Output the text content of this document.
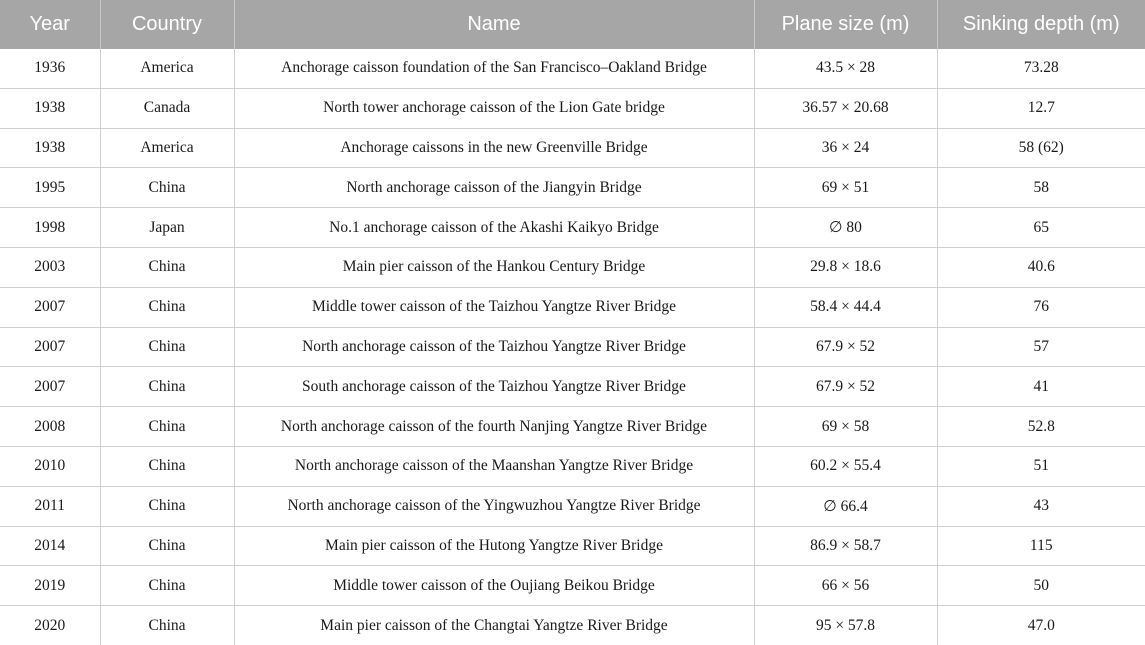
Year	Country	Name	Plane size (m)	Sinking depth (m)
1936	America	Anchorage caisson foundation of the San Francisco–Oakland Bridge	43.5 × 28	73.28
1938	Canada	North tower anchorage caisson of the Lion Gate bridge	36.57 × 20.68	12.7
1938	America	Anchorage caissons in the new Greenville Bridge	36 × 24	58 (62)
1995	China	North anchorage caisson of the Jiangyin Bridge	69 × 51	58
1998	Japan	No.1 anchorage caisson of the Akashi Kaikyo Bridge	∅ 80	65
2003	China	Main pier caisson of the Hankou Century Bridge	29.8 × 18.6	40.6
2007	China	Middle tower caisson of the Taizhou Yangtze River Bridge	58.4 × 44.4	76
2007	China	North anchorage caisson of the Taizhou Yangtze River Bridge	67.9 × 52	57
2007	China	South anchorage caisson of the Taizhou Yangtze River Bridge	67.9 × 52	41
2008	China	North anchorage caisson of the fourth Nanjing Yangtze River Bridge	69 × 58	52.8
2010	China	North anchorage caisson of the Maanshan Yangtze River Bridge	60.2 × 55.4	51
2011	China	North anchorage caisson of the Yingwuzhou Yangtze River Bridge	∅ 66.4	43
2014	China	Main pier caisson of the Hutong Yangtze River Bridge	86.9 × 58.7	115
2019	China	Middle tower caisson of the Oujiang Beikou Bridge	66 × 56	50
2020	China	Main pier caisson of the Changtai Yangtze River Bridge	95 × 57.8	47.0
